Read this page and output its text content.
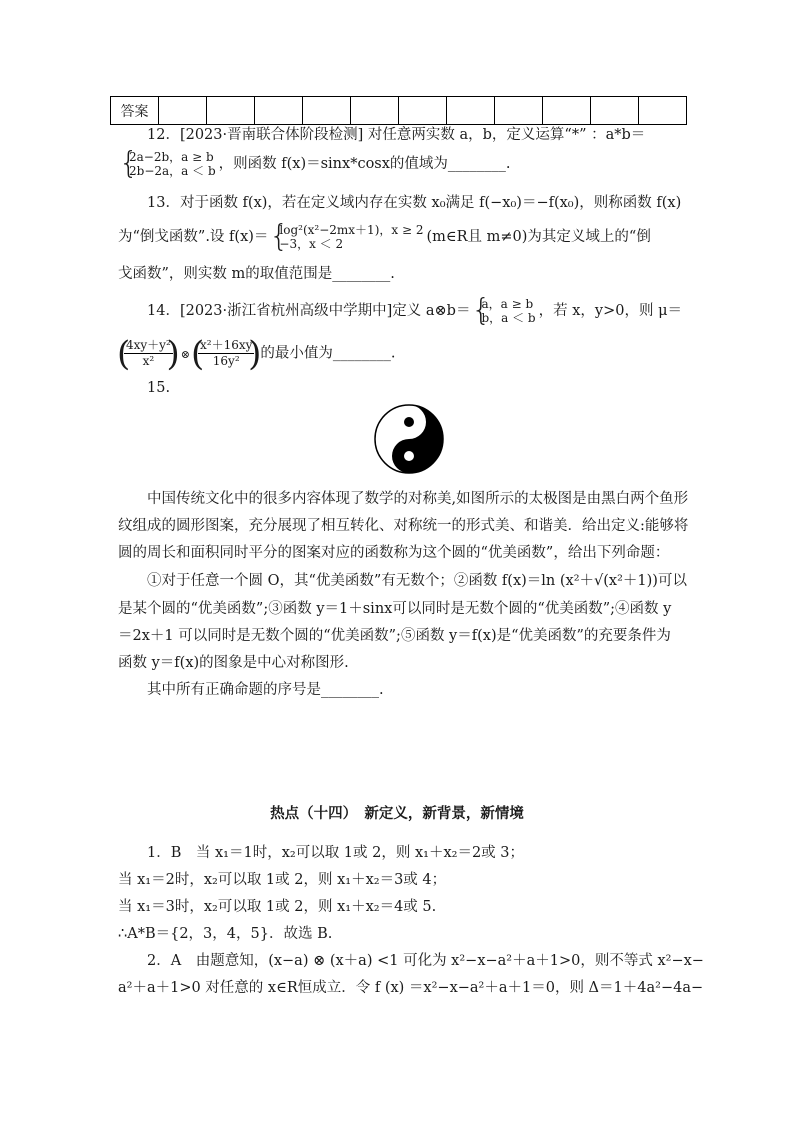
答案											
12．[2023·晋南联合体阶段检测] 对任意两实数 a，b，定义运算“*” ：a*b＝
{ 2a−2b，a ≥ b
2b−2a，a ＜ b ，则函数 f(x)＝sinx*cosx的值域为________.
13．对于函数 f(x)，若在定义域内存在实数 x₀满足 f(−x₀)＝−f(x₀)，则称函数 f(x)
为“倒戈函数”.设 f(x)＝ { log²(x²−2mx＋1)，x ≥ 2
−3，x ＜ 2	(m∈R且 m≠0)为其定义域上的“倒
戈函数”，则实数 m的取值范围是________.
14．[2023·浙江省杭州高级中学期中]定义 a⊗b＝ { a，a ≥ b
b，a ＜ b ，若 x，y>0，则 μ＝
( $\frac{\text{4xy＋y²}}{\text{x²}}$
) ⊗ ( $\frac{\text{x²＋16xy}}{\text{16y²}}$
) 的最小值为________.
15.
中国传统文化中的很多内容体现了数学的对称美,如图所示的太极图是由黑白两个鱼形
纹组成的圆形图案，充分展现了相互转化、对称统一的形式美、和谐美．给出定义:能够将
圆的周长和面积同时平分的图案对应的函数称为这个圆的“优美函数”，给出下列命题：
①对于任意一个圆 O，其“优美函数”有无数个；②函数 f(x)＝ln (x²＋√(x²＋1))可以
是某个圆的“优美函数”;③函数 y＝1＋sinx可以同时是无数个圆的“优美函数”;④函数 y
＝2x＋1 可以同时是无数个圆的“优美函数”;⑤函数 y＝f(x)是“优美函数”的充要条件为
函数 y＝f(x)的图象是中心对称图形.
其中所有正确命题的序号是________.
热点（十四）　新定义，新背景，新情境
1．B　当 x₁＝1时，x₂可以取 1或 2，则 x₁＋x₂＝2或 3；
当 x₁＝2时，x₂可以取 1或 2，则 x₁＋x₂＝3或 4；
当 x₁＝3时，x₂可以取 1或 2，则 x₁＋x₂＝4或 5.
∴A*B＝{2，3，4，5}．故选 B.
2．A　由题意知，(x−a) ⊗ (x＋a) <1 可化为 x²−x−a²＋a＋1>0，则不等式 x²−x−
a²＋a＋1>0 对任意的 x∈R恒成立．令 f (x) ＝x²−x−a²＋a＋1＝0，则 Δ＝1＋4a²−4a−
